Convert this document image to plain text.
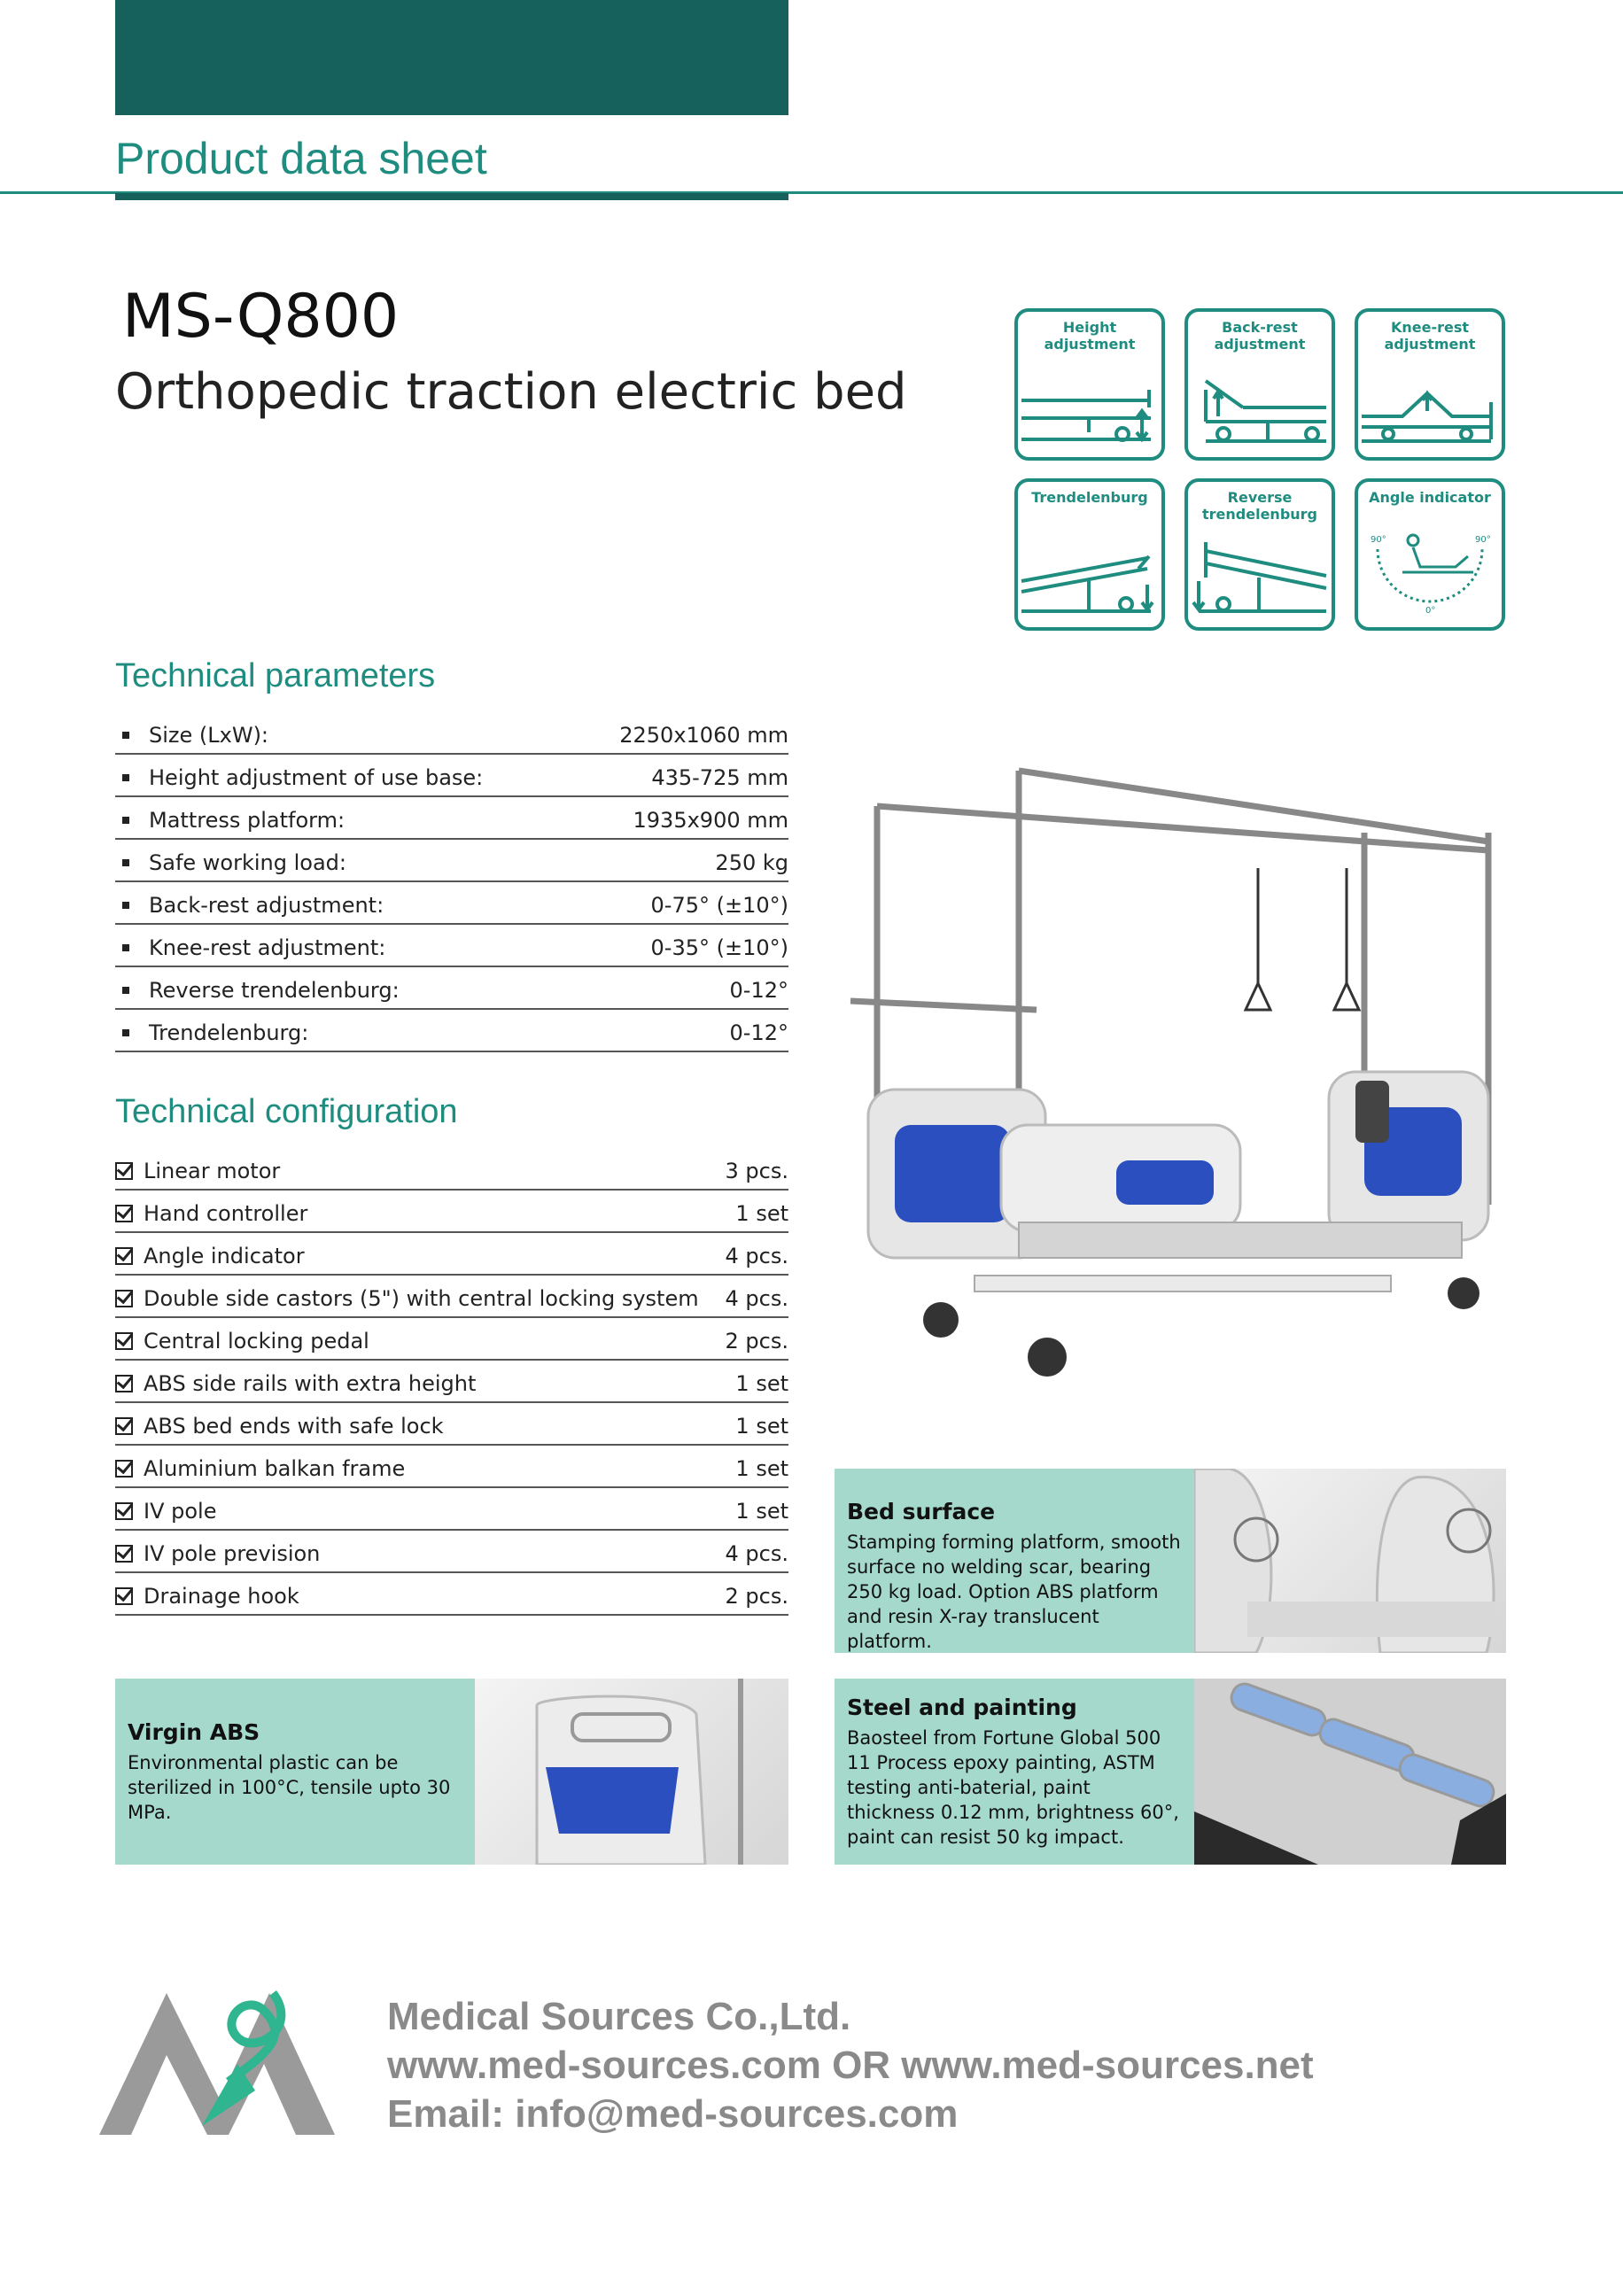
Product data sheet
MS-Q800
Orthopedic traction electric bed
Height adjustment
Back-rest adjustment
Knee-rest adjustment
Trendelenburg	Reverse trendelenburg
Angle indicator
90°	90°
0°
Technical parameters
Size (LxW):	2250x1060 mm
Height adjustment of use base:	435-725 mm
Mattress platform:	1935x900 mm
Safe working load:	250 kg
Back-rest adjustment:	0-75° (±10°)
Knee-rest adjustment:	0-35° (±10°)
Reverse trendelenburg:	0-12°
Trendelenburg:	0-12°
Technical configuration
Linear motor	3 pcs.
Hand controller	1 set
Angle indicator	4 pcs.
Double side castors (5") with central locking system 4 pcs.
Central locking pedal	2 pcs.
ABS side rails with extra height	1 set
ABS bed ends with safe lock	1 set
Aluminium balkan frame	1 set
IV pole	1 set
IV pole prevision	4 pcs.
Drainage hook	2 pcs.
Bed surface

Stamping forming platform, smooth surface no welding scar, bearing 250 kg load. Option ABS platform and resin X-ray translucent platform.

Virgin ABS

Environmental plastic can be sterilized in 100°C, tensile upto 30 MPa.

Steel and painting

Baosteel from Fortune Global 500 11 Process epoxy painting, ASTM testing anti-baterial, paint thickness 0.12 mm, brightness 60°, paint can resist 50 kg impact.

Medical Sources Co.,Ltd.
www.med-sources.com OR www.med-sources.net
Email: info@med-sources.com
